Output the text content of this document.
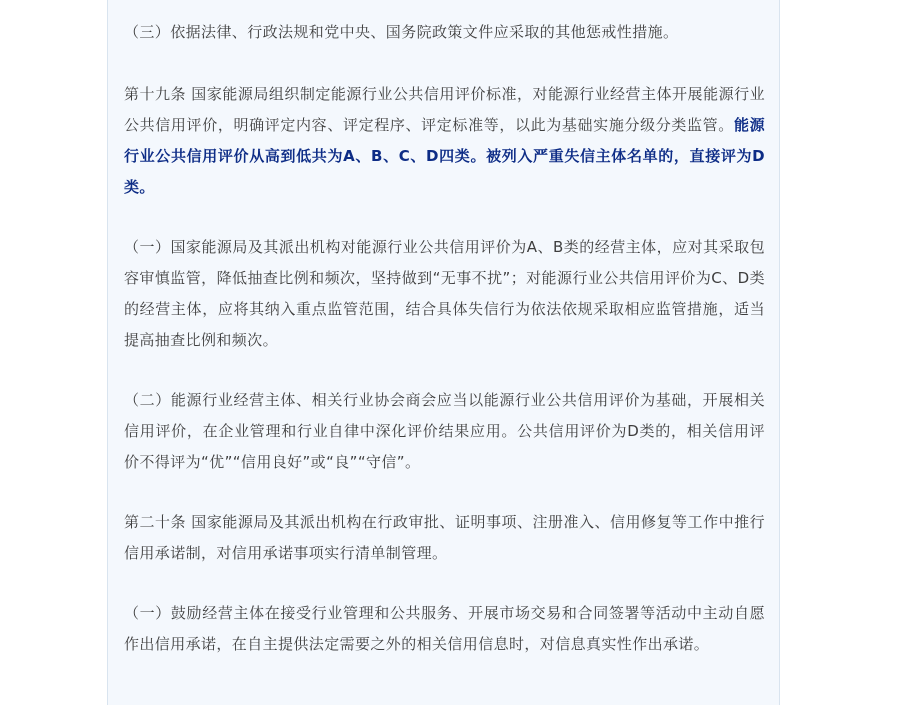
（三）依据法律、行政法规和党中央、国务院政策文件应采取的其他惩戒性措施。

第十九条 国家能源局组织制定能源行业公共信用评价标准，对能源行业经营主体开展能源行业公共信用评价，明确评定内容、评定程序、评定标准等，以此为基础实施分级分类监管。能源行业公共信用评价从高到低共为A、B、C、D四类。被列入严重失信主体名单的，直接评为D类。

（一）国家能源局及其派出机构对能源行业公共信用评价为A、B类的经营主体，应对其采取包容审慎监管，降低抽查比例和频次，坚持做到“无事不扰”；对能源行业公共信用评价为C、D类的经营主体，应将其纳入重点监管范围，结合具体失信行为依法依规采取相应监管措施，适当提高抽查比例和频次。

（二）能源行业经营主体、相关行业协会商会应当以能源行业公共信用评价为基础，开展相关信用评价，在企业管理和行业自律中深化评价结果应用。公共信用评价为D类的，相关信用评价不得评为“优”“信用良好”或“良”“守信”。

第二十条 国家能源局及其派出机构在行政审批、证明事项、注册准入、信用修复等工作中推行信用承诺制，对信用承诺事项实行清单制管理。

（一）鼓励经营主体在接受行业管理和公共服务、开展市场交易和合同签署等活动中主动自愿作出信用承诺，在自主提供法定需要之外的相关信用信息时，对信息真实性作出承诺。
